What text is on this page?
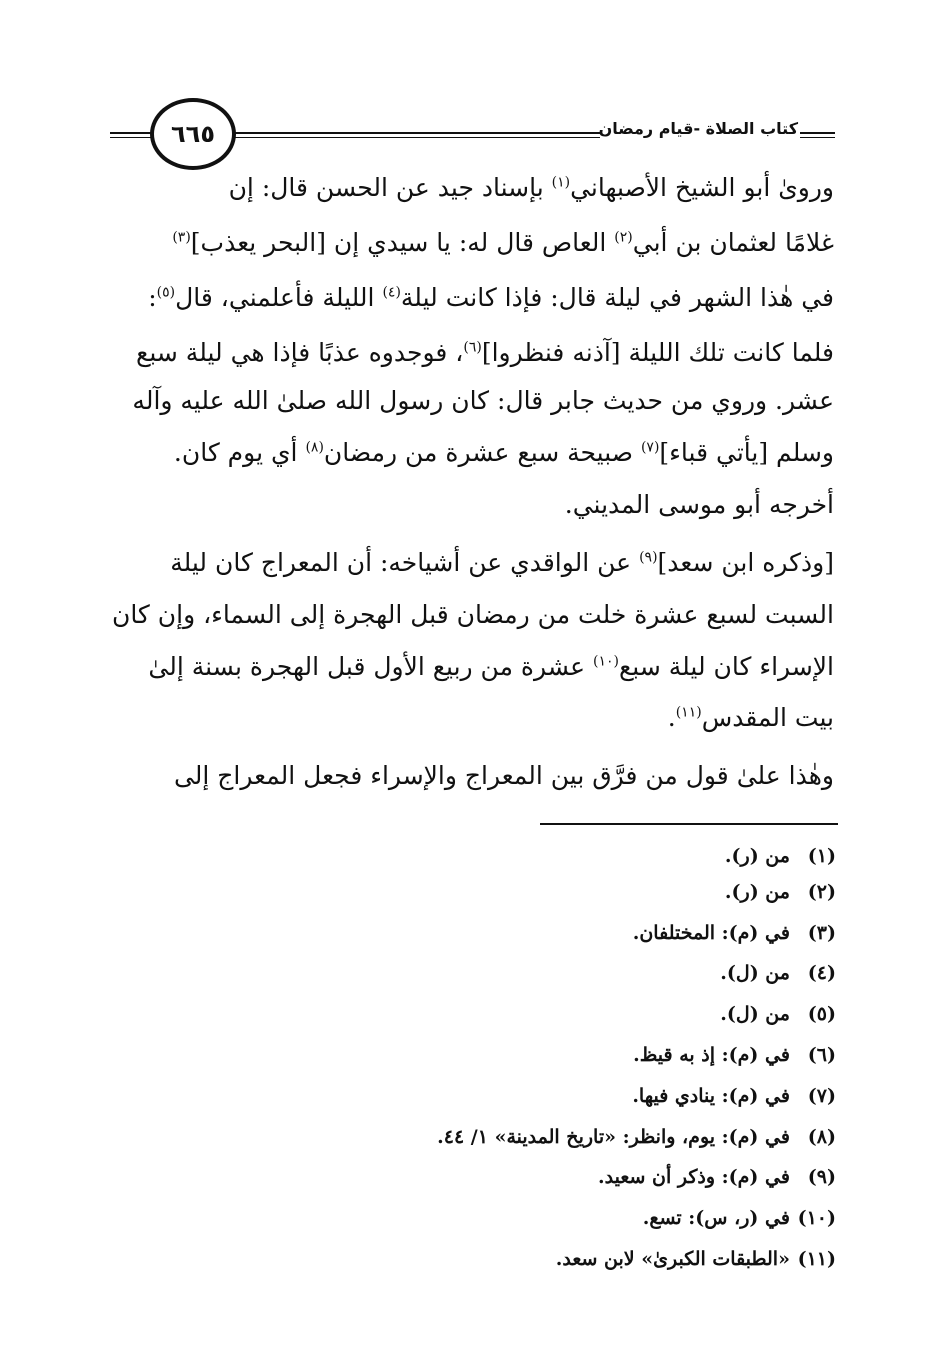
٦٦٥	كتاب الصلاة -قيام رمضان
ورویٰ أبو الشيخ الأصبهاني$^{(١)}$ بإسناد جيد عن الحسن قال: إن
غلامًا لعثمان بن أبي$^{(٢)}$ العاص قال له: يا سيدي إن [البحر يعذب]$^{(٣)}$
في هٰذا الشهر في ليلة قال: فإذا كانت ليلة$^{(٤)}$ الليلة فأعلمني، قال$^{(٥)}$:
فلما كانت تلك الليلة [آذنه فنظروا]$^{(٦)}$، فوجدوه عذبًا فإذا هي ليلة سبع
عشر. وروي من حديث جابر قال: كان رسول الله صلىٰ الله عليه وآله
وسلم [يأتي قباء]$^{(٧)}$ صبيحة سبع عشرة من رمضان$^{(٨)}$ أي يوم كان.
أخرجه أبو موسى المديني.
[وذكره ابن سعد]$^{(٩)}$ عن الواقدي عن أشياخه: أن المعراج كان ليلة
السبت لسبع عشرة خلت من رمضان قبل الهجرة إلى السماء، وإن كان
الإسراء كان ليلة سبع$^{(١٠)}$ عشرة من ربيع الأول قبل الهجرة بسنة إلىٰ
بيت المقدس$^{(١١)}$.
وهٰذا علىٰ قول من فرَّق بين المعراج والإسراء فجعل المعراج إلى
(١) من (ر).
(٢) من (ر).
(٣) في (م): المختلفان.
(٤) من (ل).
(٥) من (ل).
(٦) في (م): إذ به قيظ.
(٧) في (م): ينادي فيها.
(٨) في (م): يوم، وانظر: «تاريخ المدينة» ١/ ٤٤.
(٩) في (م): وذكر أن سعيد.
(١٠) في (ر، س): تسع.
(١١) «الطبقات الكبرىٰ» لابن سعد.
